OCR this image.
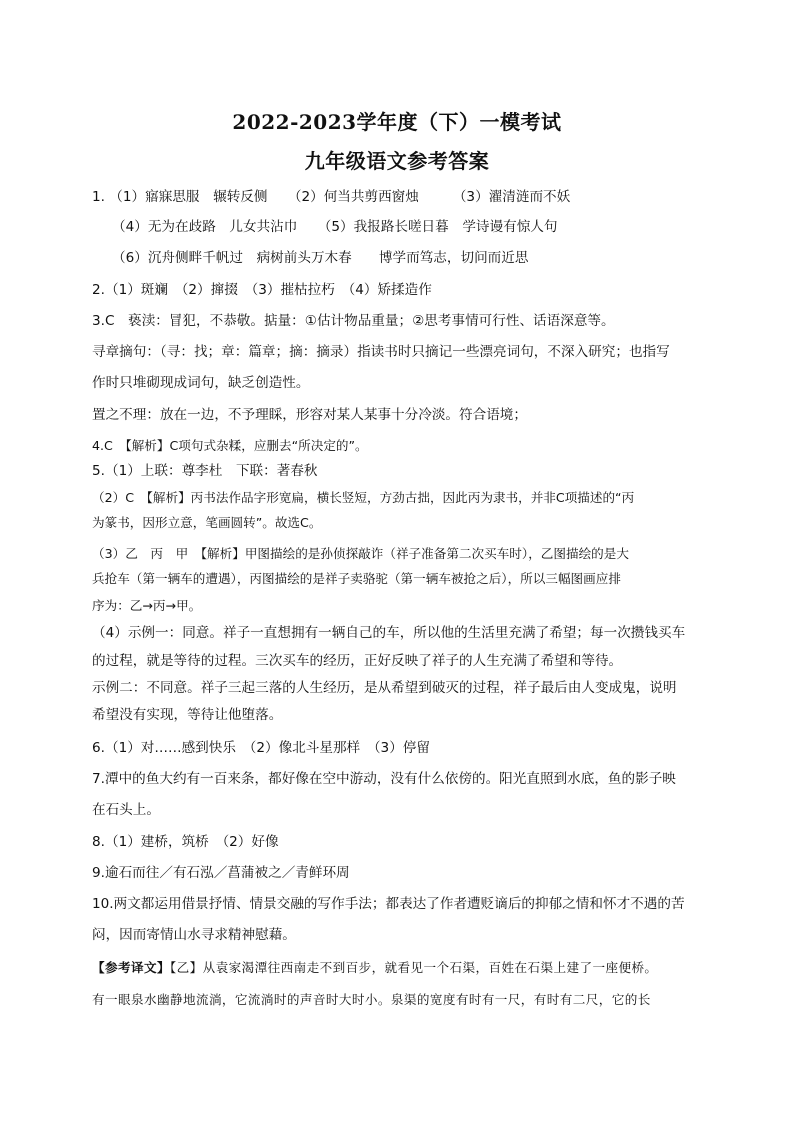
2022-2023学年度（下）一模考试
九年级语文参考答案
1. （1）寤寐思服　辗转反侧　　（2）何当共剪西窗烛　　　（3）濯清涟而不妖
（4）无为在歧路　儿女共沾巾　　（5）我报路长嗟日暮　学诗谩有惊人句
（6）沉舟侧畔千帆过　病树前头万木春　　博学而笃志，切问而近思
2.（1）斑斓　（2）撺掇　（3）摧枯拉朽　（4）矫揉造作
3.C　亵渎：冒犯，不恭敬。掂量：①估计物品重量；②思考事情可行性、话语深意等。
寻章摘句：（寻：找；章：篇章；摘：摘录）指读书时只摘记一些漂亮词句，不深入研究；也指写
作时只堆砌现成词句，缺乏创造性。
置之不理：放在一边，不予理睬，形容对某人某事十分冷淡。符合语境；
4.C　【解析】C项句式杂糅，应删去“所决定的”。
5.（1）上联：尊李杜　下联：著春秋
（2）C　【解析】丙书法作品字形宽扁，横长竖短，方劲古拙，因此丙为隶书，并非C项描述的“丙
为篆书，因形立意，笔画圆转”。故选C。
（3）乙　丙　甲　【解析】甲图描绘的是孙侦探敲诈（祥子准备第二次买车时），乙图描绘的是大
兵抢车（第一辆车的遭遇），丙图描绘的是祥子卖骆驼（第一辆车被抢之后），所以三幅图画应排
序为：乙→丙→甲。
（4）示例一：同意。祥子一直想拥有一辆自己的车，所以他的生活里充满了希望；每一次攒钱买车
的过程，就是等待的过程。三次买车的经历，正好反映了祥子的人生充满了希望和等待。
示例二：不同意。祥子三起三落的人生经历，是从希望到破灭的过程，祥子最后由人变成鬼，说明
希望没有实现，等待让他堕落。
6.（1）对……感到快乐　（2）像北斗星那样　（3）停留
7.潭中的鱼大约有一百来条，都好像在空中游动，没有什么依傍的。阳光直照到水底，鱼的影子映
在石头上。
8.（1）建桥，筑桥　（2）好像
9.逾石而往／有石泓／菖蒲被之／青鲜环周
10.两文都运用借景抒情、情景交融的写作手法；都表达了作者遭贬谪后的抑郁之情和怀才不遇的苦
闷，因而寄情山水寻求精神慰藉。
【参考译文】【乙】从袁家渴潭往西南走不到百步，就看见一个石渠，百姓在石渠上建了一座便桥。
有一眼泉水幽静地流淌，它流淌时的声音时大时小。泉渠的宽度有时有一尺，有时有二尺，它的长
